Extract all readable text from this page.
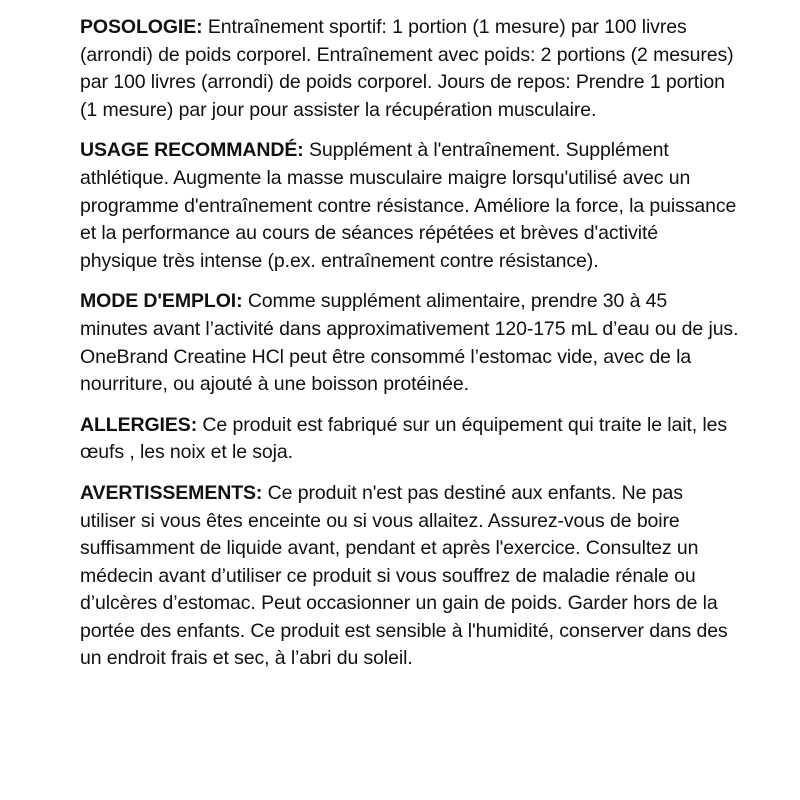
POSOLOGIE: Entraînement sportif: 1 portion (1 mesure) par 100 livres (arrondi) de poids corporel. Entraînement avec poids: 2 portions (2 mesures) par 100 livres (arrondi) de poids corporel. Jours de repos: Prendre 1 portion (1 mesure) par jour pour assister la récupération musculaire.

USAGE RECOMMANDÉ: Supplément à l'entraînement. Supplément athlétique. Augmente la masse musculaire maigre lorsqu'utilisé avec un programme d'entraînement contre résistance. Améliore la force, la puissance et la performance au cours de séances répétées et brèves d'activité physique très intense (p.ex. entraînement contre résistance).

MODE D'EMPLOI: Comme supplément alimentaire, prendre 30 à 45 minutes avant l’activité dans approximativement 120-175 mL d’eau ou de jus. OneBrand Creatine HCl peut être consommé l’estomac vide, avec de la nourriture, ou ajouté à une boisson protéinée.

ALLERGIES: Ce produit est fabriqué sur un équipement qui traite le lait, les œufs , les noix et le soja.

AVERTISSEMENTS: Ce produit n'est pas destiné aux enfants. Ne pas utiliser si vous êtes enceinte ou si vous allaitez. Assurez-vous de boire suffisamment de liquide avant, pendant et après l'exercice. Consultez un médecin avant d’utiliser ce produit si vous souffrez de maladie rénale ou d’ulcères d’estomac. Peut occasionner un gain de poids. Garder hors de la portée des enfants. Ce produit est sensible à l'humidité, conserver dans des un endroit frais et sec, à l’abri du soleil.
